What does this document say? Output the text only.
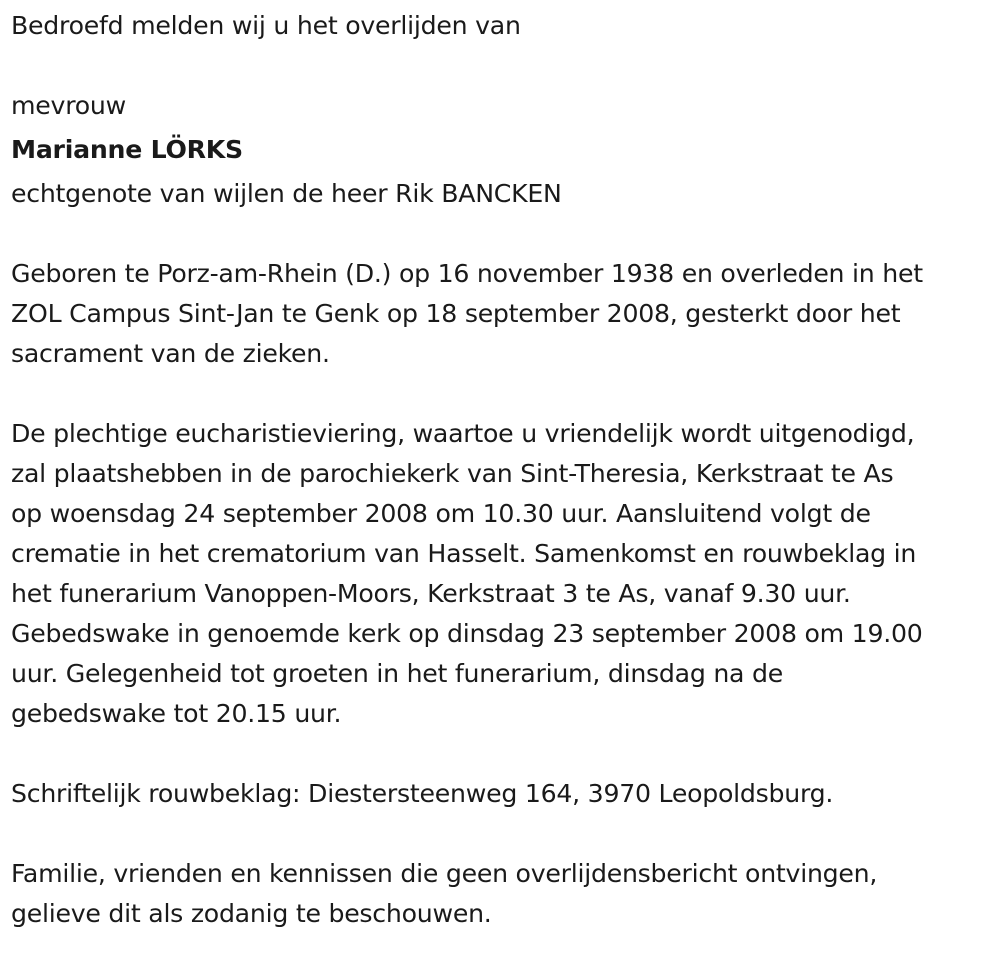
Bedroefd melden wij u het overlijden van

mevrouw

Marianne LÖRKS

echtgenote van wijlen de heer Rik BANCKEN

Geboren te Porz-am-Rhein (D.) op 16 november 1938 en overleden in het

ZOL Campus Sint-Jan te Genk op 18 september 2008, gesterkt door het

sacrament van de zieken.

De plechtige eucharistieviering, waartoe u vriendelijk wordt uitgenodigd,

zal plaatshebben in de parochiekerk van Sint-Theresia, Kerkstraat te As

op woensdag 24 september 2008 om 10.30 uur. Aansluitend volgt de

crematie in het crematorium van Hasselt. Samenkomst en rouwbeklag in

het funerarium Vanoppen-Moors, Kerkstraat 3 te As, vanaf 9.30 uur.

Gebedswake in genoemde kerk op dinsdag 23 september 2008 om 19.00

uur. Gelegenheid tot groeten in het funerarium, dinsdag na de

gebedswake tot 20.15 uur.

Schriftelijk rouwbeklag: Diestersteenweg 164, 3970 Leopoldsburg.

Familie, vrienden en kennissen die geen overlijdensbericht ontvingen,

gelieve dit als zodanig te beschouwen.
